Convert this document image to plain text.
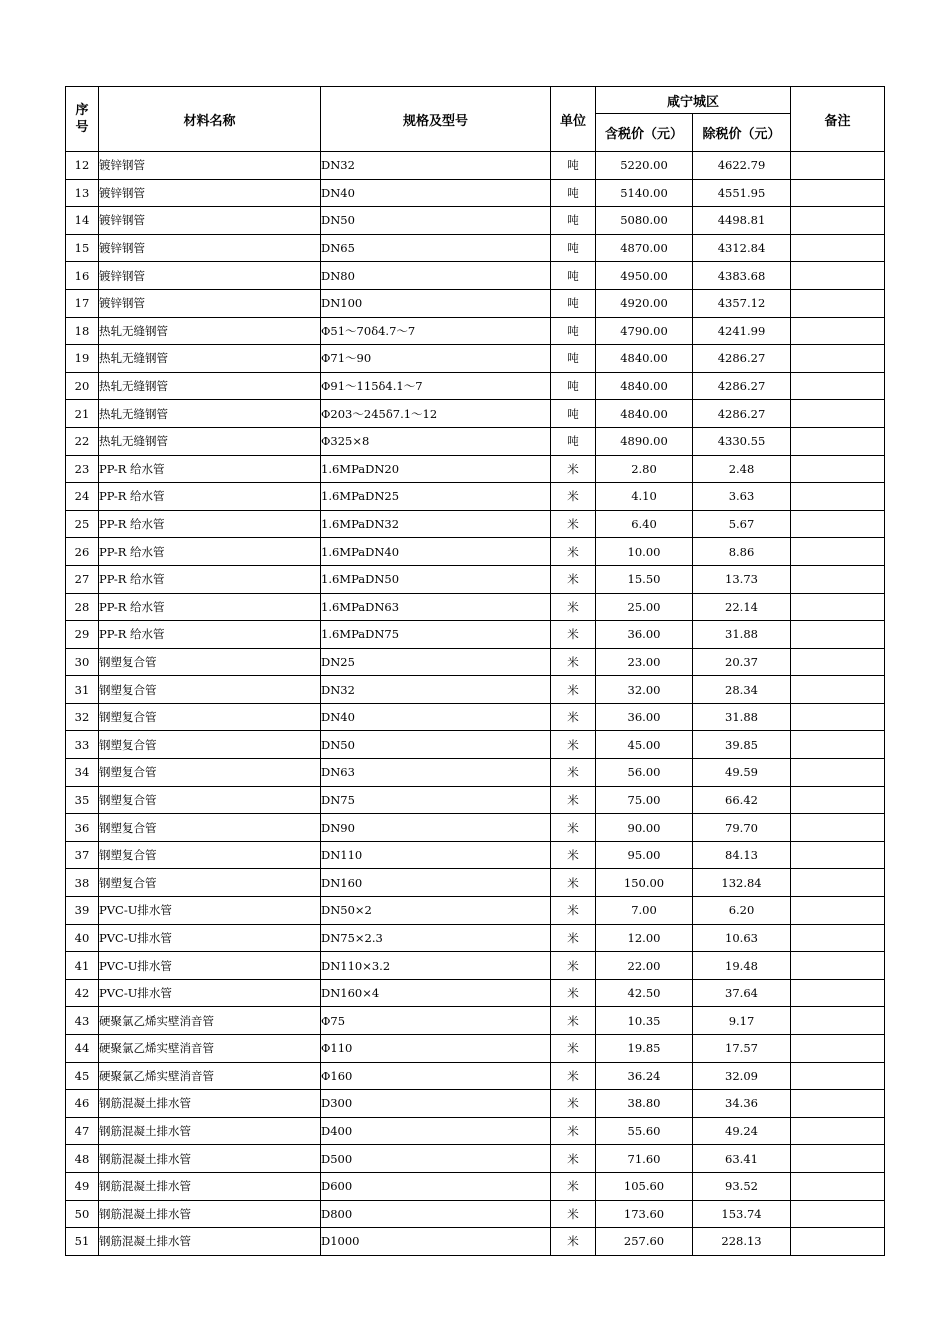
序
号	材料名称	规格及型号	单位	咸宁城区		备注
				含税价（元）	除税价（元）	
12	镀锌钢管	DN32	吨	5220.00	4622.79	
13	镀锌钢管	DN40	吨	5140.00	4551.95	
14	镀锌钢管	DN50	吨	5080.00	4498.81	
15	镀锌钢管	DN65	吨	4870.00	4312.84	
16	镀锌钢管	DN80	吨	4950.00	4383.68	
17	镀锌钢管	DN100	吨	4920.00	4357.12	
18	热轧无缝钢管	Φ51～70δ4.7～7	吨	4790.00	4241.99	
19	热轧无缝钢管	Φ71～90	吨	4840.00	4286.27	
20	热轧无缝钢管	Φ91～115δ4.1～7	吨	4840.00	4286.27	
21	热轧无缝钢管	Φ203～245δ7.1～12	吨	4840.00	4286.27	
22	热轧无缝钢管	Φ325×8	吨	4890.00	4330.55	
23	PP-R 给水管	1.6MPaDN20	米	2.80	2.48	
24	PP-R 给水管	1.6MPaDN25	米	4.10	3.63	
25	PP-R 给水管	1.6MPaDN32	米	6.40	5.67	
26	PP-R 给水管	1.6MPaDN40	米	10.00	8.86	
27	PP-R 给水管	1.6MPaDN50	米	15.50	13.73	
28	PP-R 给水管	1.6MPaDN63	米	25.00	22.14	
29	PP-R 给水管	1.6MPaDN75	米	36.00	31.88	
30	钢塑复合管	DN25	米	23.00	20.37	
31	钢塑复合管	DN32	米	32.00	28.34	
32	钢塑复合管	DN40	米	36.00	31.88	
33	钢塑复合管	DN50	米	45.00	39.85	
34	钢塑复合管	DN63	米	56.00	49.59	
35	钢塑复合管	DN75	米	75.00	66.42	
36	钢塑复合管	DN90	米	90.00	79.70	
37	钢塑复合管	DN110	米	95.00	84.13	
38	钢塑复合管	DN160	米	150.00	132.84	
39	PVC-U排水管	DN50×2	米	7.00	6.20	
40	PVC-U排水管	DN75×2.3	米	12.00	10.63	
41	PVC-U排水管	DN110×3.2	米	22.00	19.48	
42	PVC-U排水管	DN160×4	米	42.50	37.64	
43	硬聚氯乙烯实壁消音管	Φ75	米	10.35	9.17	
44	硬聚氯乙烯实壁消音管	Φ110	米	19.85	17.57	
45	硬聚氯乙烯实壁消音管	Φ160	米	36.24	32.09	
46	钢筋混凝土排水管	D300	米	38.80	34.36	
47	钢筋混凝土排水管	D400	米	55.60	49.24	
48	钢筋混凝土排水管	D500	米	71.60	63.41	
49	钢筋混凝土排水管	D600	米	105.60	93.52	
50	钢筋混凝土排水管	D800	米	173.60	153.74	
51	钢筋混凝土排水管	D1000	米	257.60	228.13	
